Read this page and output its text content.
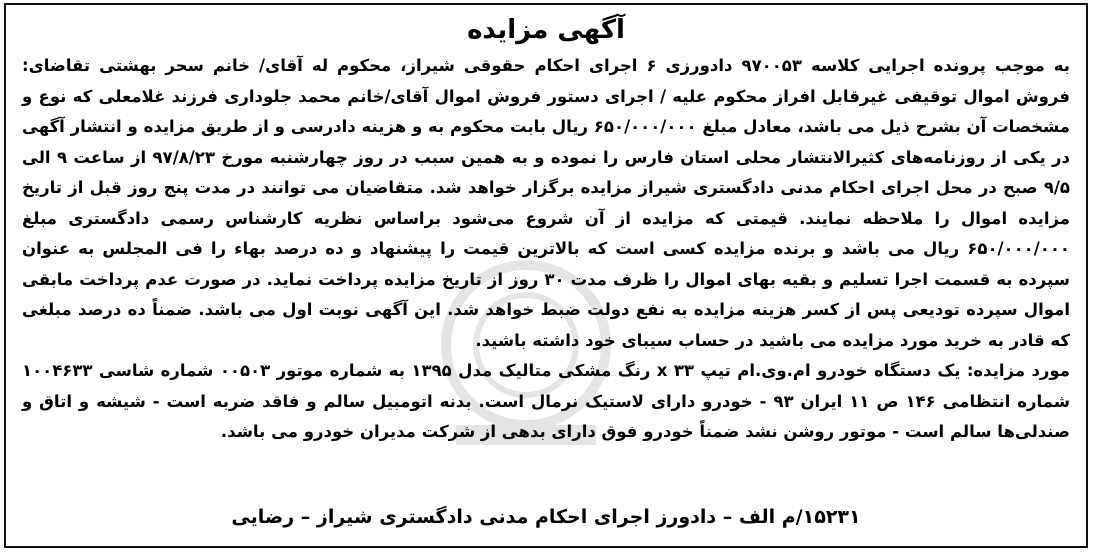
آگهی مزایده

به موجب پرونده اجرایی کلاسه ۹۷۰۰۵۳ دادورزی ۶ اجرای احکام حقوقی شیراز، محکوم له آقای/ خانم سحر بهشتی تقاضای: فروش اموال توقیفی غیرقابل افراز محکوم علیه / اجرای دستور فروش اموال آقای/خانم محمد جلوداری فرزند غلامعلی که نوع و مشخصات آن بشرح ذیل می باشد، معادل مبلغ ۶۵۰/۰۰۰/۰۰۰ ریال بابت محکوم به و هزینه دادرسی و از طریق مزایده و انتشار آگهی در یکی از روزنامه‌های کثیرالانتشار محلی استان فارس را نموده و به همین سبب در روز چهارشنبه مورخ ۹۷/۸/۲۳ از ساعت ۹ الی ۹/۵ صبح در محل اجرای احکام مدنی دادگستری شیراز مزایده برگزار خواهد شد. متقاضیان می توانند در مدت پنج روز قبل از تاریخ مزایده اموال را ملاحظه نمایند. قیمتی که مزایده از آن شروع می‌شود براساس نظریه کارشناس رسمی دادگستری مبلغ ۶۵۰/۰۰۰/۰۰۰ ریال می باشد و برنده مزایده کسی است که بالاترین قیمت را پیشنهاد و ده درصد بهاء را فی المجلس به عنوان سپرده به قسمت اجرا تسلیم و بقیه بهای اموال را ظرف مدت ۳۰ روز از تاریخ مزایده پرداخت نماید. در صورت عدم پرداخت مابقی اموال سپرده تودیعی پس از کسر هزینه مزایده به نفع دولت ضبط خواهد شد. این آگهی نوبت اول می باشد. ضمناً ده درصد مبلغی که قادر به خرید مورد مزایده می باشید در حساب سیبای خود داشته باشید.

مورد مزایده: یک دستگاه خودرو ام.وی.ام تیپ ۳۳ x رنگ مشکی متالیک مدل ۱۳۹۵ به شماره موتور ۰۰۵۰۳ شماره شاسی ۱۰۰۴۶۳۳ شماره انتظامی ۱۴۶ ص ۱۱ ایران ۹۳ - خودرو دارای لاستیک نرمال است. بدنه اتومبیل سالم و فاقد ضربه است - شیشه و اتاق و صندلی‌ها سالم است - موتور روشن نشد ضمناً خودرو فوق دارای بدهی از شرکت مدیران خودرو می باشد.

۱۵۲۳۱/م الف – دادورز اجرای احکام مدنی دادگستری شیراز – رضایی
